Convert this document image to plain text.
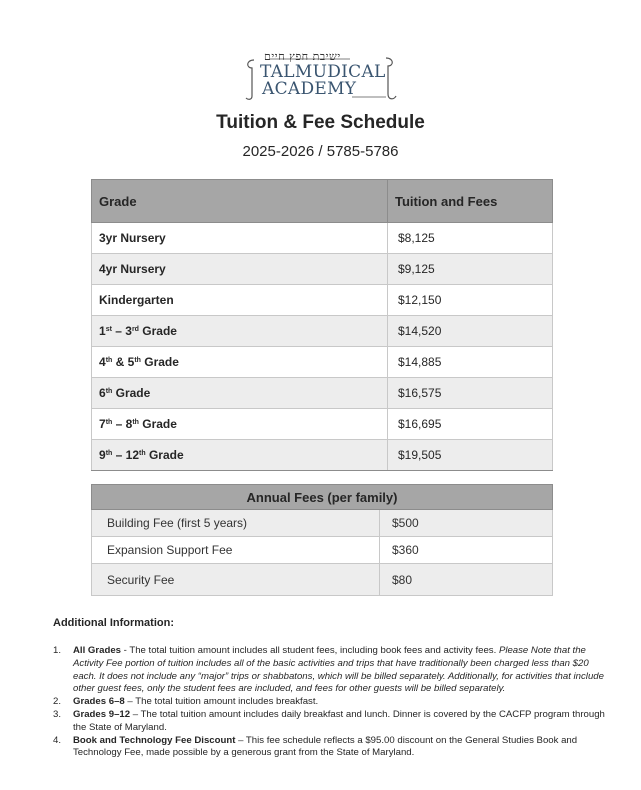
ישיבת חפץ חיים
TALMUDICAL
ACADEMY
Tuition & Fee Schedule
2025-2026 / 5785-5786
Grade	Tuition and Fees
3yr Nursery	$8,125
4yr Nursery	$9,125
Kindergarten	$12,150
1st – 3rd Grade	$14,520
4th & 5th Grade	$14,885
6th Grade	$16,575
7th – 8th Grade	$16,695
9th – 12th Grade	$19,505
Annual Fees (per family)	
Building Fee (first 5 years)	$500
Expansion Support Fee	$360
Security Fee	$80
Additional Information:
1. All Grades - The total tuition amount includes all student fees, including book fees and activity fees. Please Note that the Activity Fee portion of tuition includes all of the basic activities and trips that have traditionally been charged less than $20 each. It does not include any “major” trips or shabbatons, which will be billed separately. Additionally, for activities that include other guest fees, only the student fees are included, and fees for other guests will be billed separately.
2. Grades 6–8 – The total tuition amount includes breakfast.
3. Grades 9–12 – The total tuition amount includes daily breakfast and lunch. Dinner is covered by the CACFP program through the State of Maryland.
4. Book and Technology Fee Discount – This fee schedule reflects a $95.00 discount on the General Studies Book and Technology Fee, made possible by a generous grant from the State of Maryland.
